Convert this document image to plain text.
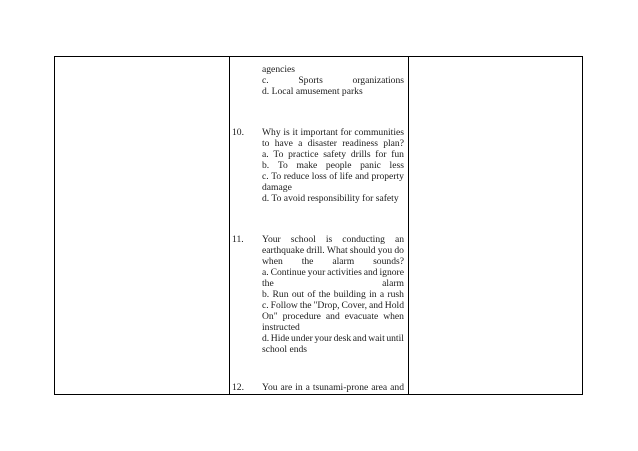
agencies
c.	Sports	organizations
d. Local amusement parks
10. Why is it important for communities
to have a disaster readiness plan?
a. To practice safety drills for fun
b. To make people panic less
c. To reduce loss of life and property
damage
d. To avoid responsibility for safety
11. Your school is conducting an
earthquake drill. What should you do
when the alarm sounds?
a. Continue your activities and ignore
the	alarm
b. Run out of the building in a rush
c. Follow the "Drop, Cover, and Hold
On" procedure and evacuate when
instructed
d. Hide under your desk and wait until
school ends
12. You are in a tsunami-prone area and
